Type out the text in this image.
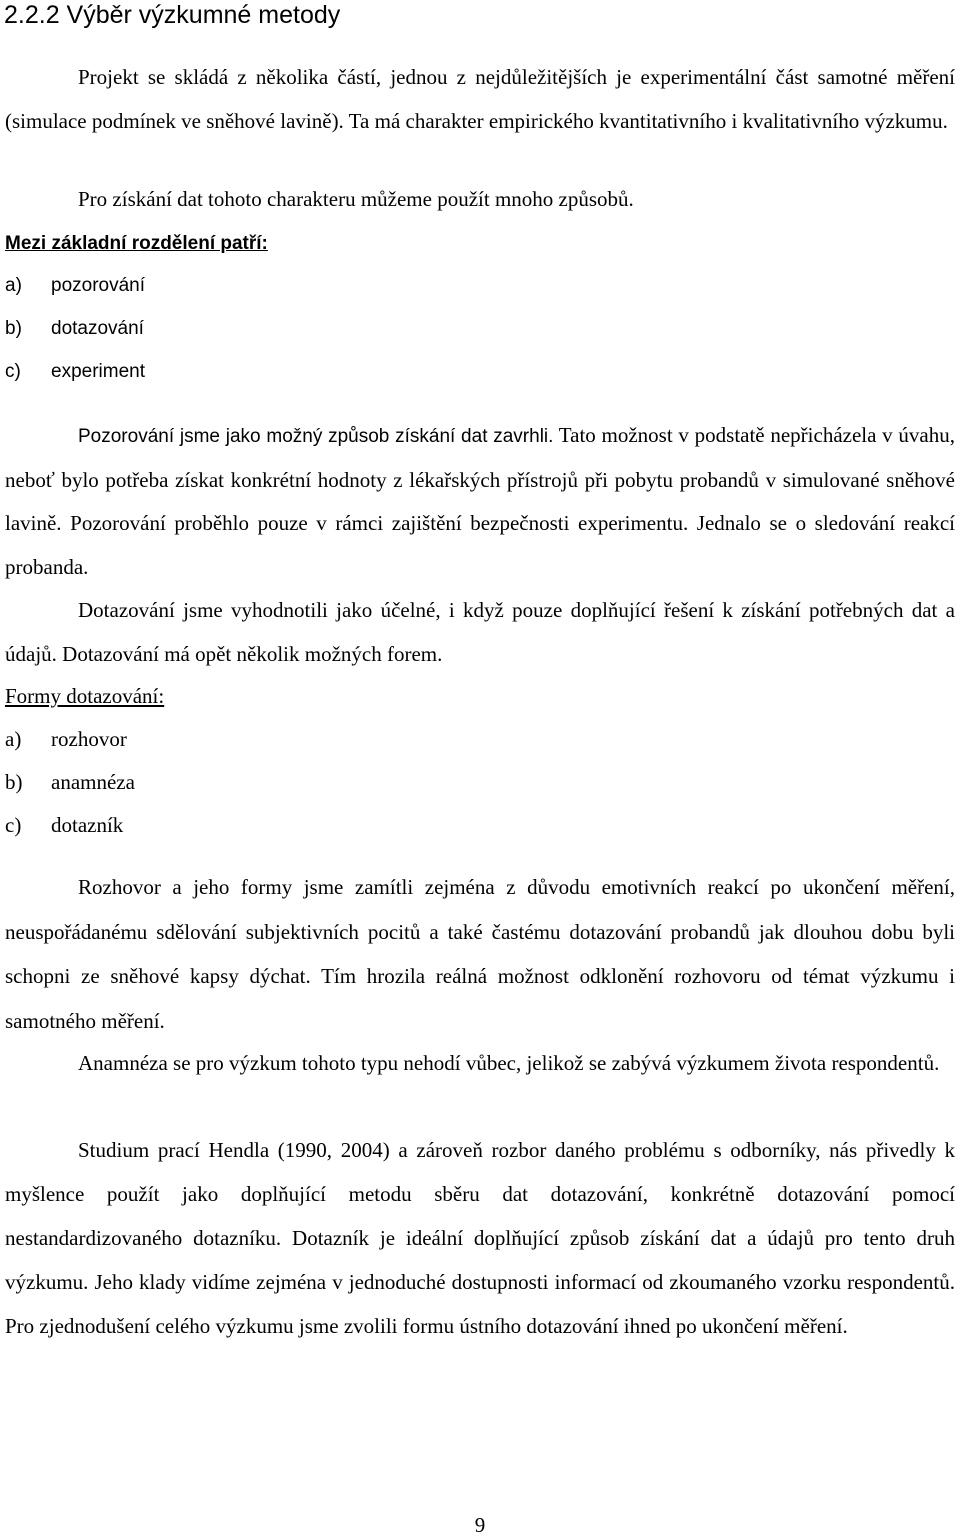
2.2.2 Výběr výzkumné metody

Projekt se skládá z několika částí, jednou z nejdůležitějších je experimentální část samotné měření (simulace podmínek ve sněhové lavině). Ta má charakter empirického kvantitativního i kvalitativního výzkumu.

Pro získání dat tohoto charakteru můžeme použít mnoho způsobů.

Mezi základní rozdělení patří:
a) pozorování
b) dotazování
c) experiment

Pozorování jsme jako možný způsob získání dat zavrhli. Tato možnost v podstatě nepřicházela v úvahu, neboť bylo potřeba získat konkrétní hodnoty z lékařských přístrojů při pobytu probandů v simulované sněhové lavině. Pozorování proběhlo pouze v rámci zajištění bezpečnosti experimentu. Jednalo se o sledování reakcí probanda.

Dotazování jsme vyhodnotili jako účelné, i když pouze doplňující řešení k získání potřebných dat a údajů. Dotazování má opět několik možných forem.

Formy dotazování:
a) rozhovor
b) anamnéza
c) dotazník

Rozhovor a jeho formy jsme zamítli zejména z důvodu emotivních reakcí po ukončení měření, neuspořádanému sdělování subjektivních pocitů a také častému dotazování probandů jak dlouhou dobu byli schopni ze sněhové kapsy dýchat. Tím hrozila reálná možnost odklonění rozhovoru od témat výzkumu i samotného měření.

Anamnéza se pro výzkum tohoto typu nehodí vůbec, jelikož se zabývá výzkumem života respondentů.

Studium prací Hendla (1990, 2004) a zároveň rozbor daného problému s odborníky, nás přivedly k myšlence použít jako doplňující metodu sběru dat dotazování, konkrétně dotazování pomocí nestandardizovaného dotazníku. Dotazník je ideální doplňující způsob získání dat a údajů pro tento druh výzkumu. Jeho klady vidíme zejména v jednoduché dostupnosti informací od zkoumaného vzorku respondentů. Pro zjednodušení celého výzkumu jsme zvolili formu ústního dotazování ihned po ukončení měření.

9
